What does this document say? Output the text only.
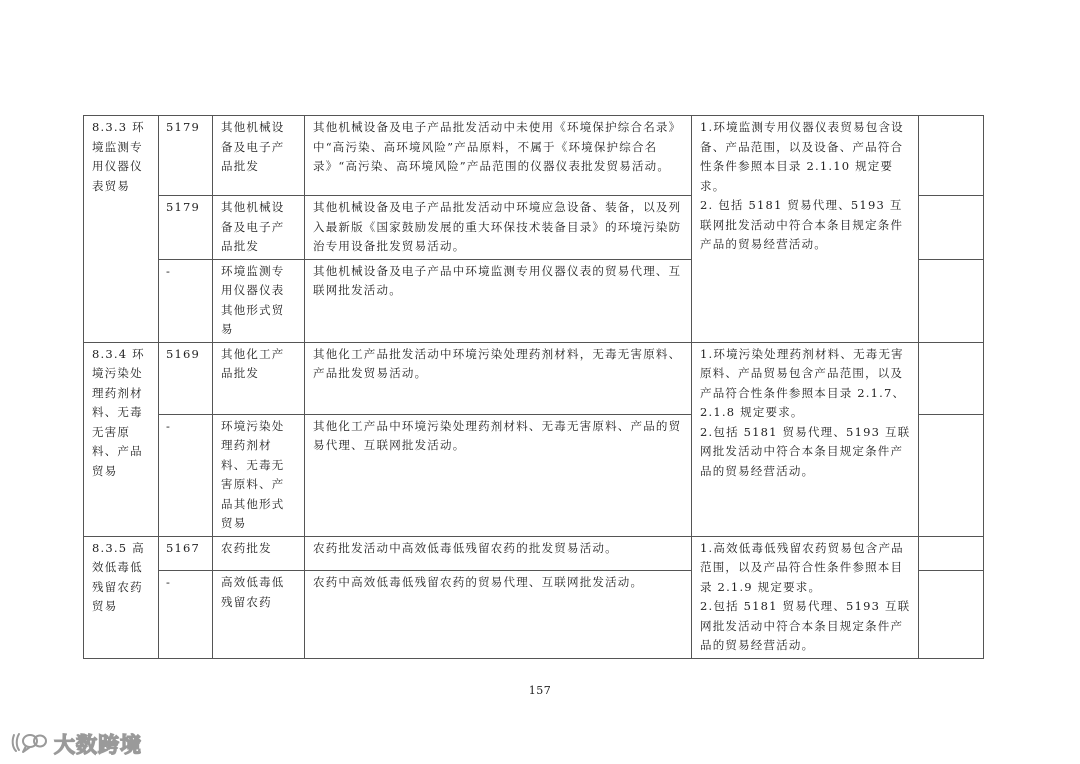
8.3.3 环境监测专用仪器仪表贸易	5179	其他机械设备及电子产品批发	其他机械设备及电子产品批发活动中未使用《环境保护综合名录》中“高污染、高环境风险”产品原料，不属于《环境保护综合名录》“高污染、高环境风险”产品范围的仪器仪表批发贸易活动。	1.环境监测专用仪器仪表贸易包含设备、产品范围，以及设备、产品符合性条件参照本目录 2.1.10 规定要求。
2. 包括 5181 贸易代理、5193 互联网批发活动中符合本条目规定条件产品的贸易经营活动。	
	5179	其他机械设备及电子产品批发	其他机械设备及电子产品批发活动中环境应急设备、装备，以及列入最新版《国家鼓励发展的重大环保技术装备目录》的环境污染防治专用设备批发贸易活动。		
	-	环境监测专用仪器仪表其他形式贸易	其他机械设备及电子产品中环境监测专用仪器仪表的贸易代理、互联网批发活动。		
8.3.4 环境污染处理药剂材料、无毒无害原料、产品贸易	5169	其他化工产品批发	其他化工产品批发活动中环境污染处理药剂材料，无毒无害原料、产品批发贸易活动。	1.环境污染处理药剂材料、无毒无害原料、产品贸易包含产品范围，以及产品符合性条件参照本目录 2.1.7、2.1.8 规定要求。
2.包括 5181 贸易代理、5193 互联网批发活动中符合本条目规定条件产品的贸易经营活动。	
	-	环境污染处理药剂材料、无毒无害原料、产品其他形式贸易	其他化工产品中环境污染处理药剂材料、无毒无害原料、产品的贸易代理、互联网批发活动。		
8.3.5 高效低毒低残留农药贸易	5167	农药批发	农药批发活动中高效低毒低残留农药的批发贸易活动。	1.高效低毒低残留农药贸易包含产品范围，以及产品符合性条件参照本目录 2.1.9 规定要求。
2.包括 5181 贸易代理、5193 互联网批发活动中符合本条目规定条件产品的贸易经营活动。	
	-	高效低毒低残留农药	农药中高效低毒低残留农药的贸易代理、互联网批发活动。		
157
大数跨境
